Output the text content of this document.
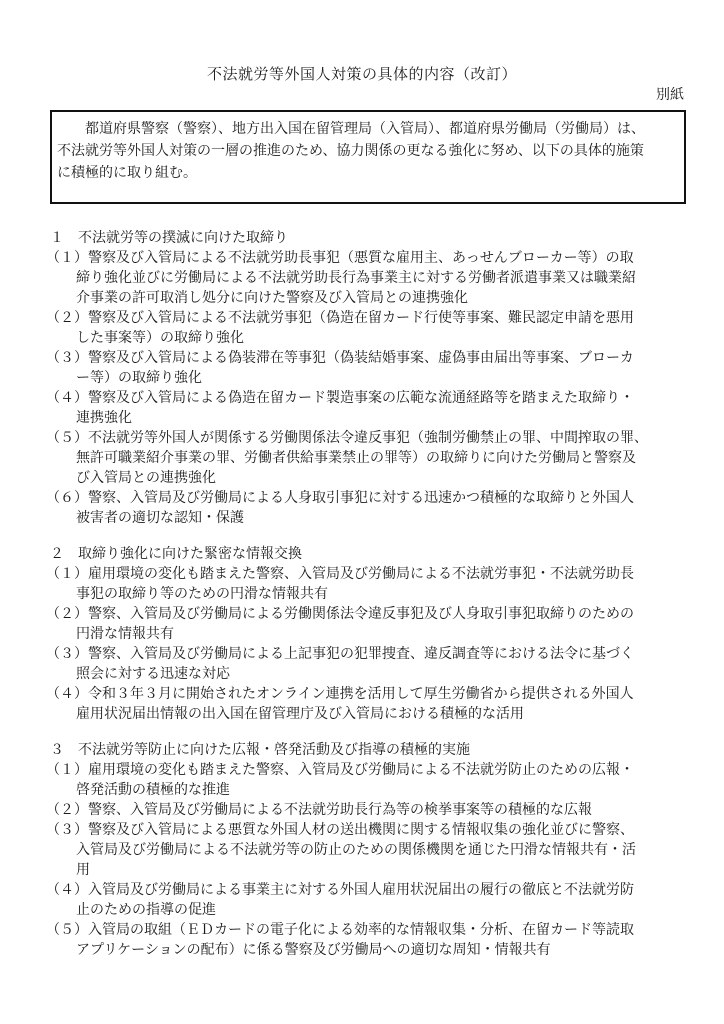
不法就労等外国人対策の具体的内容（改訂）
別紙
　　都道府県警察（警察）、地方出入国在留管理局（入管局）、都道府県労働局（労働局）は、
不法就労等外国人対策の一層の推進のため、協力関係の更なる強化に努め、以下の具体的施策
に積極的に取り組む。
１　不法就労等の撲滅に向けた取締り
（１）警察及び入管局による不法就労助長事犯（悪質な雇用主、あっせんブローカー等）の取
締り強化並びに労働局による不法就労助長行為事業主に対する労働者派遣事業又は職業紹
介事業の許可取消し処分に向けた警察及び入管局との連携強化
（２）警察及び入管局による不法就労事犯（偽造在留カード行使等事案、難民認定申請を悪用
した事案等）の取締り強化
（３）警察及び入管局による偽装滞在等事犯（偽装結婚事案、虚偽事由届出等事案、ブローカ
ー等）の取締り強化
（４）警察及び入管局による偽造在留カード製造事案の広範な流通経路等を踏まえた取締り・
連携強化
（５）不法就労等外国人が関係する労働関係法令違反事犯（強制労働禁止の罪、中間搾取の罪、
無許可職業紹介事業の罪、労働者供給事業禁止の罪等）の取締りに向けた労働局と警察及
び入管局との連携強化
（６）警察、入管局及び労働局による人身取引事犯に対する迅速かつ積極的な取締りと外国人
被害者の適切な認知・保護
２　取締り強化に向けた緊密な情報交換
（１）雇用環境の変化も踏まえた警察、入管局及び労働局による不法就労事犯・不法就労助長
事犯の取締り等のための円滑な情報共有
（２）警察、入管局及び労働局による労働関係法令違反事犯及び人身取引事犯取締りのための
円滑な情報共有
（３）警察、入管局及び労働局による上記事犯の犯罪捜査、違反調査等における法令に基づく
照会に対する迅速な対応
（４）令和３年３月に開始されたオンライン連携を活用して厚生労働省から提供される外国人
雇用状況届出情報の出入国在留管理庁及び入管局における積極的な活用
３　不法就労等防止に向けた広報・啓発活動及び指導の積極的実施
（１）雇用環境の変化も踏まえた警察、入管局及び労働局による不法就労防止のための広報・
啓発活動の積極的な推進
（２）警察、入管局及び労働局による不法就労助長行為等の検挙事案等の積極的な広報
（３）警察及び入管局による悪質な外国人材の送出機関に関する情報収集の強化並びに警察、
入管局及び労働局による不法就労等の防止のための関係機関を通じた円滑な情報共有・活
用
（４）入管局及び労働局による事業主に対する外国人雇用状況届出の履行の徹底と不法就労防
止のための指導の促進
（５）入管局の取組（ＥＤカードの電子化による効率的な情報収集・分析、在留カード等読取
アプリケーションの配布）に係る警察及び労働局への適切な周知・情報共有
